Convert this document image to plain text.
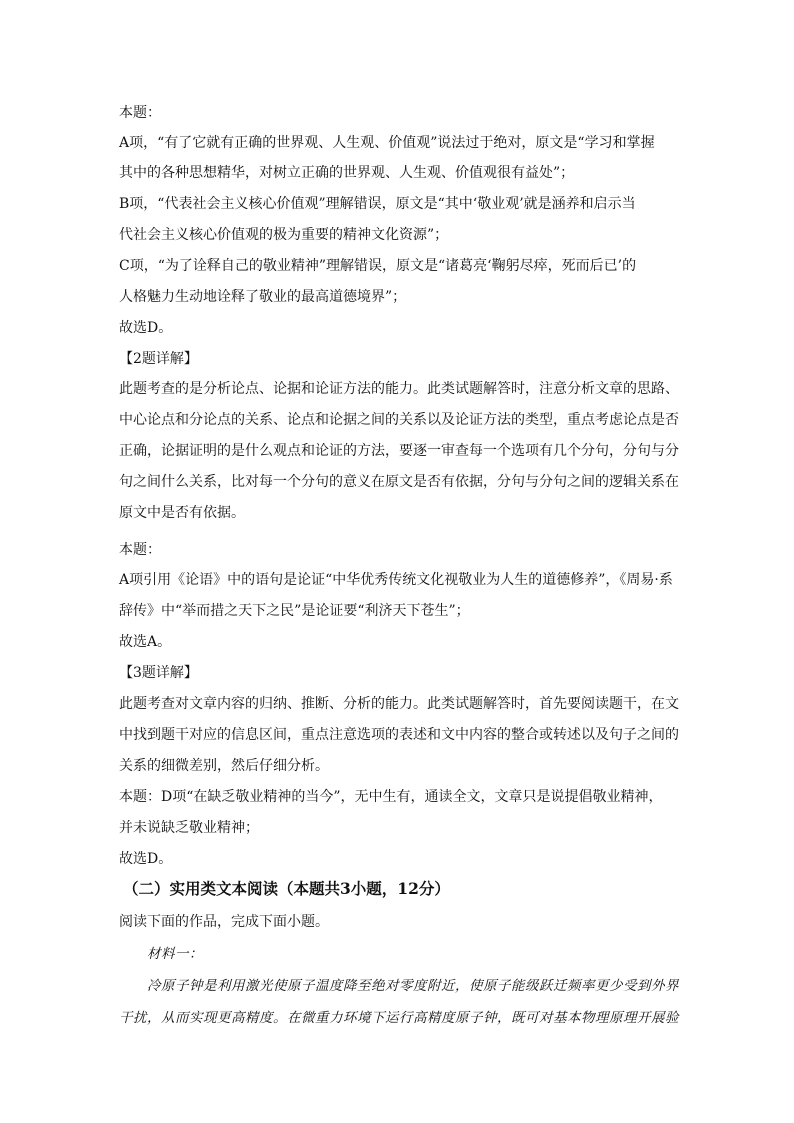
本题：
A项，“有了它就有正确的世界观、人生观、价值观”说法过于绝对，原文是“学习和掌握
其中的各种思想精华，对树立正确的世界观、人生观、价值观很有益处”；
B项，“代表社会主义核心价值观”理解错误，原文是“其中‘敬业观’就是涵养和启示当
代社会主义核心价值观的极为重要的精神文化资源”；
C项，“为了诠释自己的敬业精神”理解错误，原文是“诸葛亮‘鞠躬尽瘁，死而后已’的
人格魅力生动地诠释了敬业的最高道德境界”；
故选D。
【2题详解】
此题考查的是分析论点、论据和论证方法的能力。此类试题解答时，注意分析文章的思路、
中心论点和分论点的关系、论点和论据之间的关系以及论证方法的类型，重点考虑论点是否
正确，论据证明的是什么观点和论证的方法，要逐一审查每一个选项有几个分句，分句与分
句之间什么关系，比对每一个分句的意义在原文是否有依据，分句与分句之间的逻辑关系在
原文中是否有依据。
本题：
A项引用《论语》中的语句是论证“中华优秀传统文化视敬业为人生的道德修养”，《周易·系
辞传》中“举而措之天下之民”是论证要“利济天下苍生”；
故选A。
【3题详解】
此题考查对文章内容的归纳、推断、分析的能力。此类试题解答时，首先要阅读题干，在文
中找到题干对应的信息区间，重点注意选项的表述和文中内容的整合或转述以及句子之间的
关系的细微差别，然后仔细分析。
本题：D项“在缺乏敬业精神的当今”，无中生有，通读全文，文章只是说提倡敬业精神，
并未说缺乏敬业精神；
故选D。
（二）实用类文本阅读（本题共3小题，12分）
阅读下面的作品，完成下面小题。
材料一：
冷原子钟是利用激光使原子温度降至绝对零度附近，使原子能级跃迁频率更少受到外界
干扰，从而实现更高精度。在微重力环境下运行高精度原子钟，既可对基本物理原理开展验
